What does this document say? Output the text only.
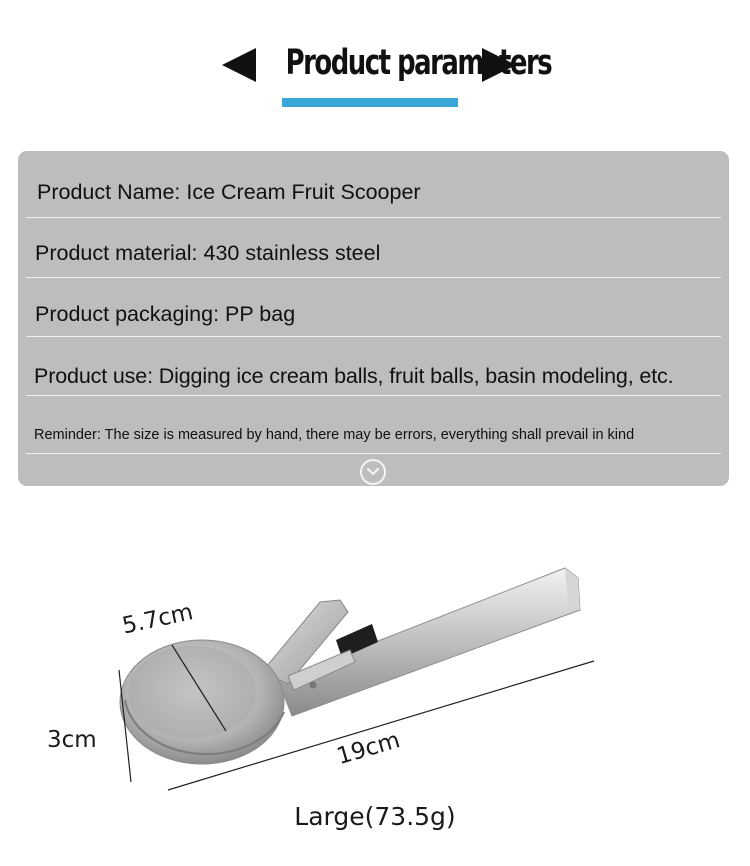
Product parameters
Product Name: Ice Cream Fruit Scooper
Product material: 430 stainless steel
Product packaging: PP bag
Product use: Digging ice cream balls, fruit balls, basin modeling, etc.
Reminder: The size is measured by hand, there may be errors, everything shall prevail in kind
5.7cm
3cm	19cm
Large(73.5g)
